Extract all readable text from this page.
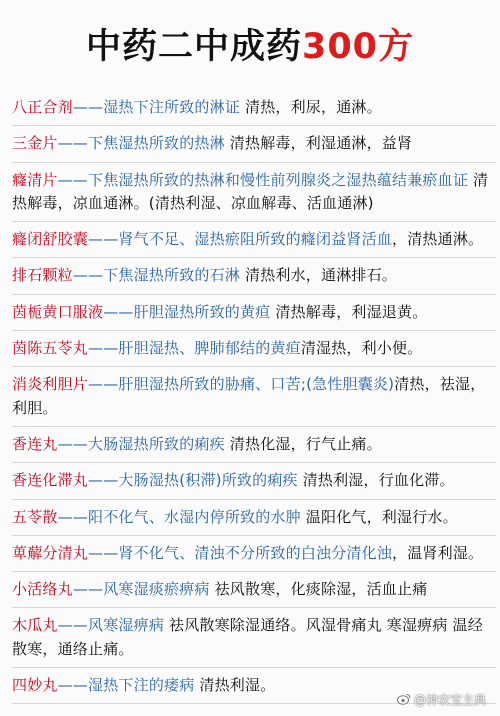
中药二中成药300方
八正合剂——湿热下注所致的淋证 清热，利尿，通淋。
三金片——下焦湿热所致的热淋 清热解毒，利湿通淋，益肾
癃清片——下焦湿热所致的热淋和慢性前列腺炎之湿热蕴结兼瘀血证 清热解毒，凉血通淋。(清热利湿、凉血解毒、活血通淋)
癃闭舒胶囊——肾气不足、湿热瘀阻所致的癃闭益肾活血，清热通淋。
排石颗粒——下焦湿热所致的石淋 清热利水，通淋排石。
茵栀黄口服液——肝胆湿热所致的黄疸 清热解毒，利湿退黄。
茵陈五苓丸——肝胆湿热、脾肺郁结的黄疸清湿热，利小便。
消炎利胆片——肝胆湿热所致的胁痛、口苦;(急性胆囊炎)清热，祛湿，利胆。
香连丸——大肠湿热所致的痢疾 清热化湿，行气止痛。
香连化滞丸——大肠湿热(积滞)所致的痢疾 清热利湿，行血化滞。
五苓散——阳不化气、水湿内停所致的水肿 温阳化气，利湿行水。
萆薢分清丸——肾不化气、清浊不分所致的白浊分清化浊，温肾利湿。
小活络丸——风寒湿痰瘀痹病 祛风散寒，化痰除湿，活血止痛
木瓜丸——风寒湿痹病 祛风散寒除湿通络。风湿骨痛丸 寒湿痹病 温经散寒，通络止痛。
四妙丸——湿热下注的痿病 清热利湿。
@神农宝主典
